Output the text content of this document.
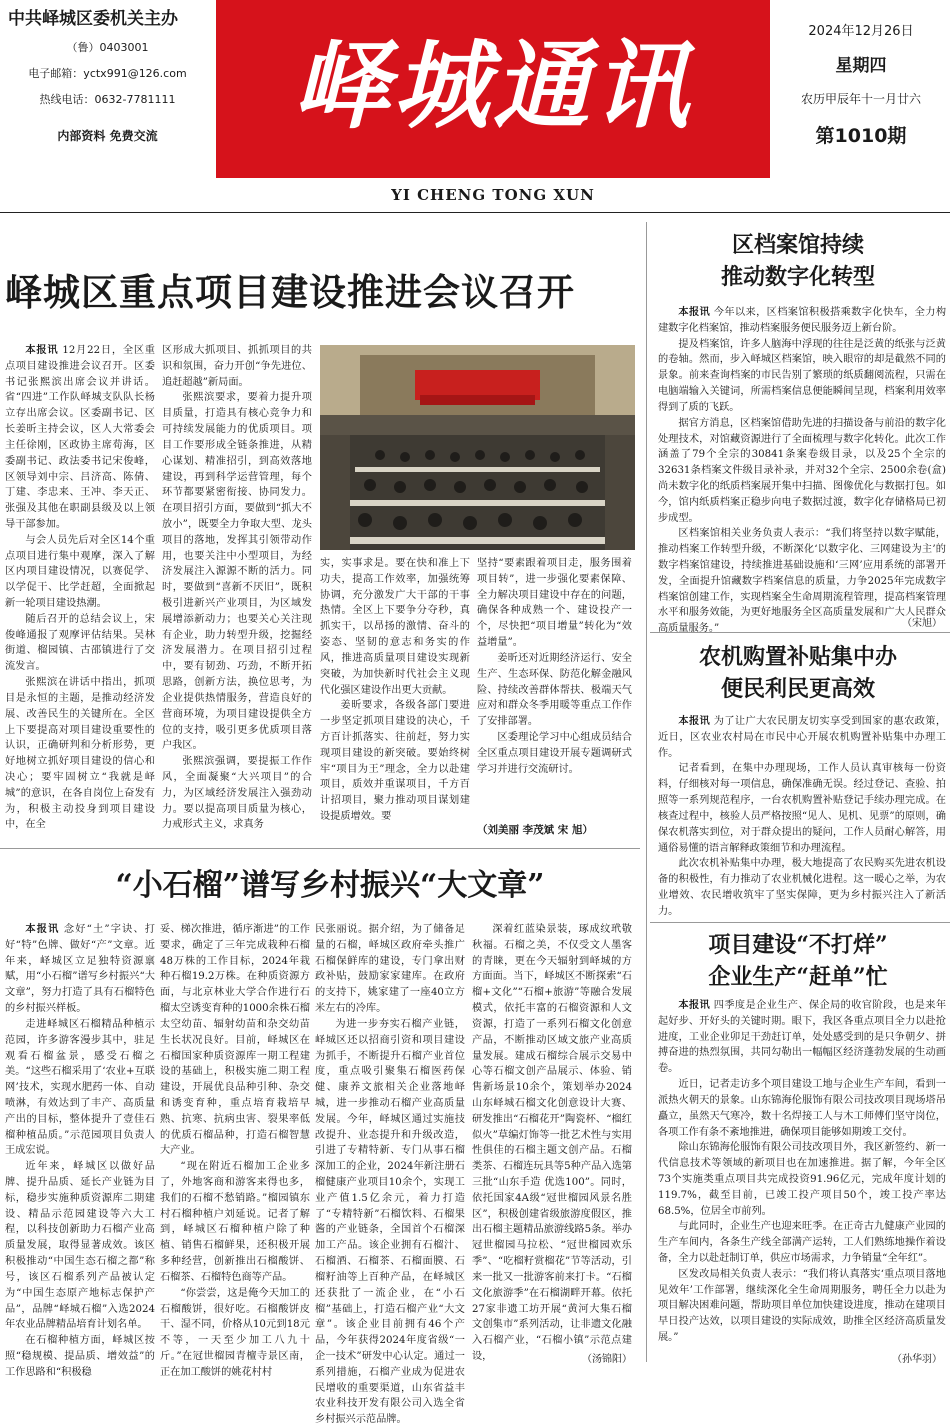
中共峄城区委机关主办
（鲁）0403001
电子邮箱：yctx991@126.com
热线电话：0632-7781111
内部资料 免费交流	峄城通讯
YI CHENG TONG XUN
2024年12月26日
星期四
农历甲辰年十一月廿六
第1010期
峄城区重点项目建设推进会议召开

本报讯 12月22日，全区重点项目建设推进会议召开。区委书记张熙滨出席会议并讲话。省“四进”工作队峄城支队队长杨立存出席会议。区委副书记、区长姜昕主持会议，区人大常委会主任徐刚，区政协主席荀海，区委副书记、政法委书记宋俊峰，区领导刘中宗、吕济高、陈倩、丁建、李忠来、王冲、李天正、张强及其他在职副县级及以上领导干部参加。

与会人员先后对全区14个重点项目进行集中观摩，深入了解区内项目建设情况，以赛促学、以学促干、比学赶超，全面掀起新一轮项目建设热潮。

随后召开的总结会议上，宋俊峰通报了观摩评估结果。吴林街道、榴园镇、古邵镇进行了交流发言。

张熙滨在讲话中指出，抓项目是永恒的主题，是推动经济发展、改善民生的关键所在。全区上下要提高对项目建设重要性的认识，正确研判和分析形势，更好地树立抓好项目建设的信心和决心；要牢固树立“我就是峄城”的意识，在各自岗位上奋发有为，积极主动投身到项目建设中，在全

区形成大抓项目、抓抓项目的共识和氛围，奋力开创“争先进位、追赶超越”新局面。

张熙滨要求，要着力提升项目质量，打造具有核心竞争力和可持续发展能力的优质项目。项目工作要形成全链条推进，从精心谋划、精准招引，到高效落地建设，再到科学运营管理，每个环节都要紧密衔接、协同发力。在项目招引方面，要做到“抓大不放小”，既要全力争取大型、龙头项目的落地，发挥其引领带动作用，也要关注中小型项目，为经济发展注入源源不断的活力。同时，要做到“喜新不厌旧”，既积极引进新兴产业项目，为区域发展增添新动力；也要关心关注现有企业，助力转型升级，挖掘经济发展潜力。在项目招引过程中，要有韧劲、巧劲，不断开拓思路，创新方法，换位思考，为企业提供热情服务，营造良好的营商环境，为项目建设提供全方位的支持，吸引更多优质项目落户我区。

张熙滨强调，要提振工作作风，全面凝聚“大兴项目”的合力，为区域经济发展注入强劲动力。要以提高项目质量为核心，力戒形式主义，求真务

实，实事求是。要在快和准上下功夫，提高工作效率，加强统筹协调，充分激发广大干部的干事热情。全区上下要争分夺秒，真抓实干，以昂扬的激情、奋斗的姿态、坚韧的意志和务实的作风，推进高质量项目建设实现新突破，为加快新时代社会主义现代化强区建设作出更大贡献。

姜昕要求，各级各部门要进一步坚定抓项目建设的决心，千方百计抓落实、往前赶，努力实现项目建设的新突破。要始终树牢“项目为王”理念，全力以赴建项目，质效并重谋项目，千方百计招项目，聚力推动项目谋划建设提质增效。要

坚持“要素跟着项目走，服务围着项目转”，进一步强化要素保障、全力解决项目建设中存在的问题，确保各种成熟一个、建设投产一个，尽快把“项目增量”转化为“效益增量”。

姜昕还对近期经济运行、安全生产、生态环保、防范化解金融风险、持续改善群体帮扶、极端天气应对和群众冬季用暖等重点工作作了安排部署。

区委理论学习中心组成员结合全区重点项目建设开展专题调研式学习并进行交流研讨。

（刘美丽 李茂斌 宋 旭）
区档案馆持续
推动数字化转型

本报讯 今年以来，区档案馆积极搭乘数字化快车，全力构建数字化档案馆，推动档案服务便民服务迈上新台阶。

提及档案馆，许多人脑海中浮现的往往是泛黄的纸张与泛黄的卷轴。然而，步入峄城区档案馆，映入眼帘的却是截然不同的景象。前来查询档案的市民告别了繁琐的纸质翻阅流程，只需在电脑端输入关键词，所需档案信息便能瞬间呈现，档案利用效率得到了质的飞跃。

据官方消息，区档案馆借助先进的扫描设备与前沿的数字化处理技术，对馆藏资源进行了全面梳理与数字化转化。此次工作涵盖了79个全宗的30841条案卷级目录，以及25个全宗的32631条档案文件级目录补录，并对32个全宗、2500余卷(盒)尚未数字化的纸质档案展开集中扫描、图像优化与数据打包。如今，馆内纸质档案正稳步向电子数据过渡，数字化存储格局已初步成型。

区档案馆相关业务负责人表示：“我们将坚持以数字赋能，推动档案工作转型升级，不断深化‘以数字化、三网建设为主’的数字档案馆建设，持续推进基础设施和‘三网’应用系统的部署开发，全面提升馆藏数字档案信息的质量，力争2025年完成数字档案馆创建工作，实现档案全生命周期流程管理，提高档案管理水平和服务效能，为更好地服务全区高质量发展和广大人民群众高质量服务。”	（宋旭）
农机购置补贴集中办
便民利民更高效

本报讯 为了让广大农民朋友切实享受到国家的惠农政策，近日，区农业农村局在市民中心开展农机购置补贴集中办理工作。

记者看到，在集中办理现场，工作人员认真审核每一份资料，仔细核对每一项信息，确保准确无误。经过登记、查验、拍照等一系列规范程序，一台农机购置补贴登记手续办理完成。在核查过程中，核验人员严格按照“见人、见机、见票”的原则，确保农机落实到位，对于群众提出的疑问，工作人员耐心解答，用通俗易懂的语言解释政策细节和办理流程。

此次农机补贴集中办理，极大地提高了农民购买先进农机设备的积极性，有力推动了农业机械化进程。这一暖心之举，为农业增效、农民增收筑牢了坚实保障，更为乡村振兴注入了新活力。

项目建设“不打烊”
企业生产“赶单”忙

本报讯 四季度是企业生产、保企局的收官阶段，也是来年起好步、开好头的关键时期。眼下，我区各重点项目全力以赴抢进度，工业企业卯足干劲赶订单，处处感受到的是只争朝夕、拼搏奋进的热烈氛围，共同勾勒出一幅幅区经济蓬勃发展的生动画卷。

近日，记者走访多个项目建设工地与企业生产车间，看到一派热火朝天的景象。山东锦海伦服饰有限公司技改项目现场塔吊矗立，虽然天气寒冷，数十名焊接工人与木工师傅们坚守岗位，各项工作有条不紊地推进，确保项目能够如期竣工交付。

除山东锦海伦服饰有限公司技改项目外，我区新签约、新一代信息技术等领域的新项目也在加速推进。据了解，今年全区73个实施类重点项目共完成投资91.96亿元，完成年度计划的119.7%，截至目前，已竣工投产项目50个，竣工投产率达68.5%，位居全市前列。

与此同时，企业生产也迎来旺季。在正奇古九健康产业园的生产车间内，各条生产线全部满产运转，工人们熟练地操作着设备，全力以赴赶制订单，供应市场需求，力争销量“全年红”。

区发改局相关负责人表示：“我们将认真落实‘重点项目落地见效年’工作部署，继续深化全生命周期服务，聘任全力以赴为项目解决困难问题，帮助项目单位加快建设进度，推动在建项目早日投产达效，以项目建设的实际成效，助推全区经济高质量发展。”

（孙华羽）
“小石榴”谱写乡村振兴“大文章”

本报讯 念好“土”字诀、打好“特”色牌、做好“产”文章。近年来，峄城区立足独特资源禀赋，用“小石榴”谱写乡村振兴“大文章”，努力打造了具有石榴特色的乡村振兴样板。

走进峄城区石榴精品种植示范园，许多游客漫步其中，驻足观看石榴盆景，感受石榴之美。“这些石榴采用了‘农业+互联网’技术，实现水肥药一体、自动喷淋，有效达到了丰产、高质量产出的目标，整体提升了壹佳石榴种植品质。”示范园项目负责人王成宏说。

近年来，峄城区以做好品牌、提升品质、延长产业链为目标，稳步实施种质资源库二期建设、精品示范园建设等六大工程，以科技创新助力石榴产业高质量发展，取得显著成效。该区积极推动“中国生态石榴之都”称号，该区石榴系列产品被认定为“中国生态原产地标志保护产品”，品牌“峄城石榴”入选2024年农业品牌精品培育计划名单。

在石榴种植方面，峄城区按照“稳规模、提品质、增效益”的工作思路和“积极稳

妥、梯次推进，循序渐进”的工作要求，确定了三年完成栽种石榴48万株的工作目标，2024年栽种石榴19.2万株。在种质资源方面，与北京林业大学合作进行石榴太空诱变育种的1000余株石榴太空幼苗、辐射幼苗和杂交幼苗生长状况良好。目前，峄城区在石榴国家种质资源库一期工程建设的基础上，积极实施二期工程建设，开展优良品种引种、杂交和诱变育种，重点培育栽培早熟、抗寒、抗病虫害、裂果率低的优质石榴品种，打造石榴智慧大产业。

“现在附近石榴加工企业多了，外地客商和游客来得也多，我们的石榴不愁销路。”榴园镇东村石榴种植户刘延说。记者了解到，峄城区石榴种植户除了种植、销售石榴鲜果，还积极开展多种经营，创新推出石榴酸饼、石榴茶、石榴特色商等产品。

“你尝尝，这是俺今天加工的石榴酸饼，很好吃。石榴酸饼皮干、湿不同，价格从10元到18元不等，一天至少加工八九十斤。”在冠世榴园青檀寺景区南，正在加工酸饼的姚花村村

民张丽说。据介绍，为了储备足量的石榴，峄城区政府牵头推广石榴保鲜库的建设，专门拿出财政补贴，鼓励家家建库。在政府的支持下，姚家建了一座40立方米左右的冷库。

为进一步夯实石榴产业链，峄城区还以招商引资和项目建设为抓手，不断提升石榴产业首位度，重点吸引聚集石榴医药保健、康养文旅相关企业落地峄城，进一步推动石榴产业高质量发展。今年，峄城区通过实施技改提升、业态提升和升级改造，引进了专精特新、专门从事石榴深加工的企业，2024年新注册石榴健康产业项目10余个，实现工业产值1.5亿余元，着力打造了“专精特新”石榴饮料、石榴果酱的产业链条，全国首个石榴深加工产品。该企业拥有石榴汁、石榴酒、石榴茶、石榴面膜、石榴籽油等上百种产品，在峄城区还获批了一流企业，在“小石榴”基础上，打造石榴产业“大文章”。该企业目前拥有46个产品，今年获得2024年度省级“一企一技术”研发中心认定。通过一系列措施，石榴产业成为促进农民增收的重要渠道，山东省益丰农业科技开发有限公司入选全省乡村振兴示范品牌。

深着红蓝染景装，琢成纹玳敬秋福。石榴之美，不仅受文人墨客的青睐，更在今天辐射到峄城的方方面面。当下，峄城区不断探索“石榴+文化”“石榴+旅游”等融合发展模式，依托丰富的石榴资源和人文资源，打造了一系列石榴文化创意产品，不断推动区域文旅产业高质量发展。建成石榴综合展示交易中心等石榴文创产品展示、体验、销售新场景10余个，策划举办2024山东峄城石榴文化创意设计大赛、研发推出“石榴花开”陶瓷杯、“榴红似火”草编灯饰等一批艺术性与实用性俱佳的石榴主题文创产品。石榴类茶、石榴连玩具等5种产品入选第三批“山东手造 优选100”。同时，依托国家4A级“冠世榴园风景名胜区”，积极创建省级旅游度假区，推出石榴主题精品旅游线路5条。举办冠世榴园马拉松、“冠世榴园欢乐季”、“吃榴籽赏榴花”节等活动，引来一批又一批游客前来打卡。“石榴文化旅游季”在石榴湖畔开幕。依托27家非遗工坊开展“黄河大集石榴文创集市”系列活动，让非遗文化融入石榴产业，“石榴小镇”示范点建设，	（汤锦阳）
